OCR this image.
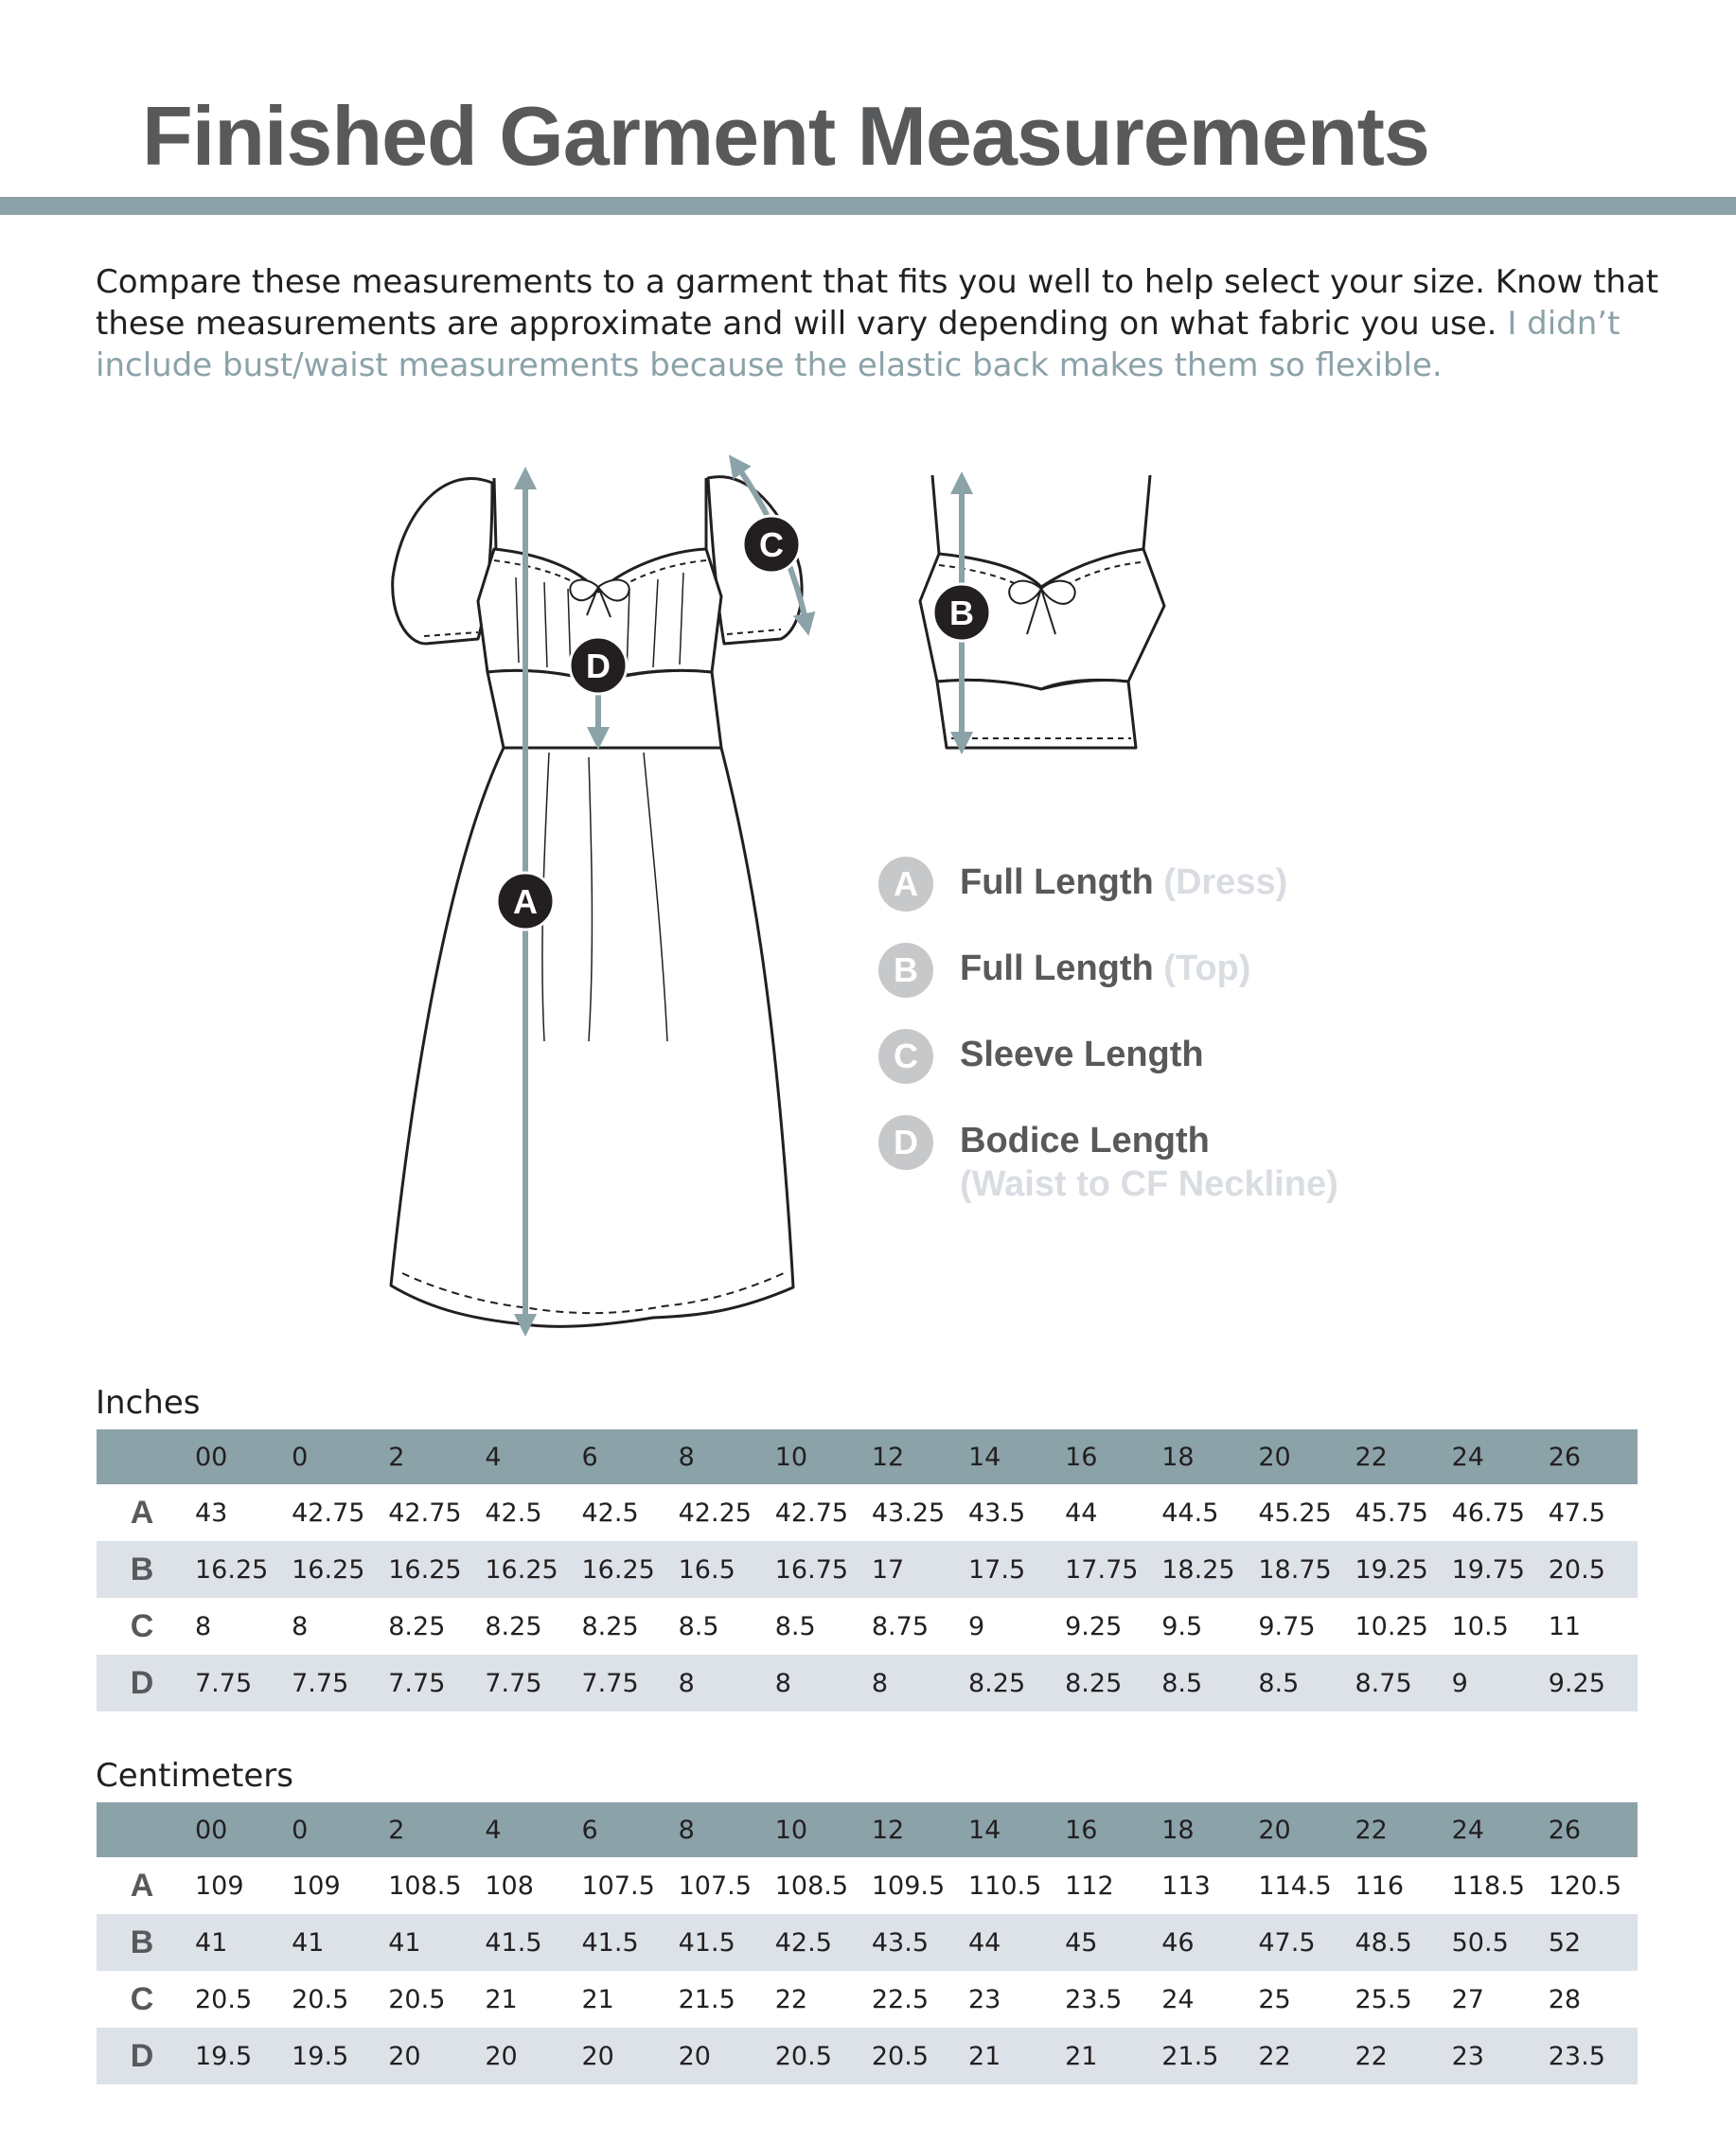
Finished Garment Measurements

Compare these measurements to a garment that fits you well to help select your size. Know that these measurements are approximate and will vary depending on what fabric you use. I didn’t include bust/waist measurements because the elastic back makes them so flexible.

C
D
A
B
A	Full Length (Dress)
B	Full Length (Top)
C	Sleeve Length
D	Bodice Length
(Waist to CF Neckline)
Inches
	00	0	2	4	6	8	10	12	14	16	18	20	22	24	26
A	43	42.75	42.75	42.5	42.5	42.25	42.75	43.25	43.5	44	44.5	45.25	45.75	46.75	47.5
B	16.25	16.25	16.25	16.25	16.25	16.5	16.75	17	17.5	17.75	18.25	18.75	19.25	19.75	20.5
C	8	8	8.25	8.25	8.25	8.5	8.5	8.75	9	9.25	9.5	9.75	10.25	10.5	11
D	7.75	7.75	7.75	7.75	7.75	8	8	8	8.25	8.25	8.5	8.5	8.75	9	9.25
Centimeters
	00	0	2	4	6	8	10	12	14	16	18	20	22	24	26
A	109	109	108.5	108	107.5	107.5	108.5	109.5	110.5	112	113	114.5	116	118.5	120.5
B	41	41	41	41.5	41.5	41.5	42.5	43.5	44	45	46	47.5	48.5	50.5	52
C	20.5	20.5	20.5	21	21	21.5	22	22.5	23	23.5	24	25	25.5	27	28
D	19.5	19.5	20	20	20	20	20.5	20.5	21	21	21.5	22	22	23	23.5
